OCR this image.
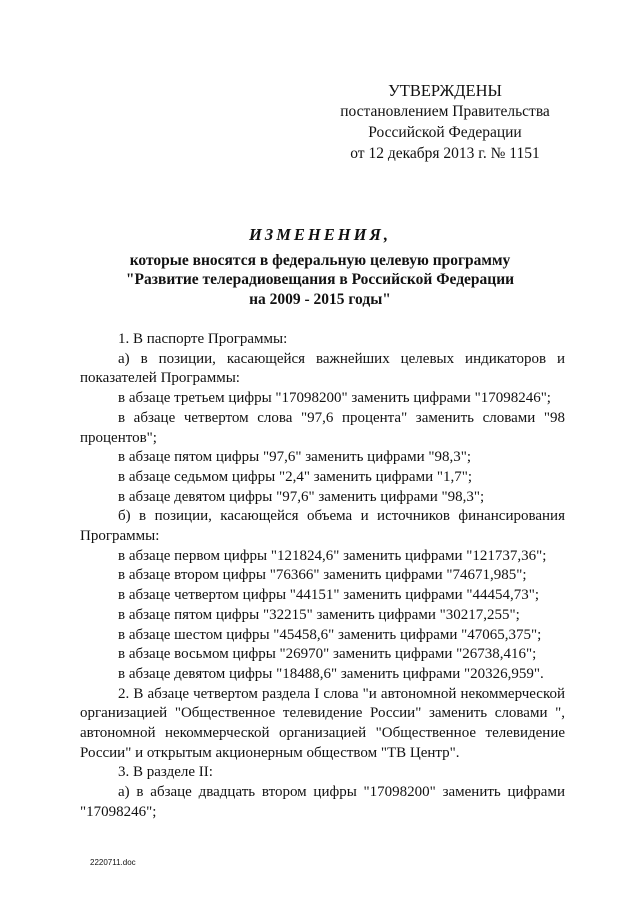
УТВЕРЖДЕНЫ
постановлением Правительства
Российской Федерации
от 12 декабря 2013 г. № 1151
ИЗМЕНЕНИЯ,
которые вносятся в федеральную целевую программу
"Развитие телерадиовещания в Российской Федерации
на 2009 - 2015 годы"

1. В паспорте Программы:

а) в позиции, касающейся важнейших целевых индикаторов и показателей Программы:

в абзаце третьем цифры "17098200" заменить цифрами "17098246";

в абзаце четвертом слова "97,6 процента" заменить словами "98 процентов";

в абзаце пятом цифры "97,6" заменить цифрами "98,3";

в абзаце седьмом цифры "2,4" заменить цифрами "1,7";

в абзаце девятом цифры "97,6" заменить цифрами "98,3";

б) в позиции, касающейся объема и источников финансирования Программы:

в абзаце первом цифры "121824,6" заменить цифрами "121737,36";

в абзаце втором цифры "76366" заменить цифрами "74671,985";

в абзаце четвертом цифры "44151" заменить цифрами "44454,73";

в абзаце пятом цифры "32215" заменить цифрами "30217,255";

в абзаце шестом цифры "45458,6" заменить цифрами "47065,375";

в абзаце восьмом цифры "26970" заменить цифрами "26738,416";

в абзаце девятом цифры "18488,6" заменить цифрами "20326,959".

2. В абзаце четвертом раздела I слова "и автономной некоммерческой организацией "Общественное телевидение России" заменить словами ", автономной некоммерческой организацией "Общественное телевидение России" и открытым акционерным обществом "ТВ Центр".

3. В разделе II:

а) в абзаце двадцать втором цифры "17098200" заменить цифрами "17098246";

2220711.doc
